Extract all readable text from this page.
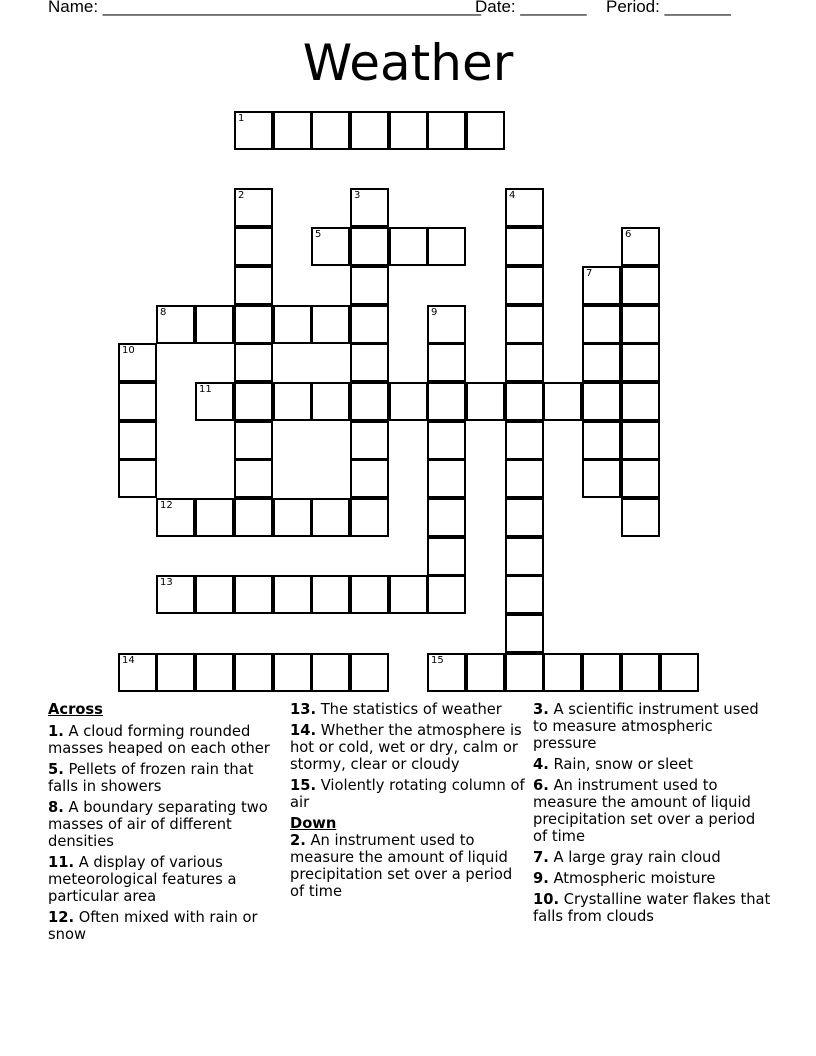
Name: ________________________________________
Date: _______ Period: _______
Weather
1
2	3	4
5	6
7
8	9
10
11
12
13
14	15
Across
1. A cloud forming rounded masses heaped on each other
5. Pellets of frozen rain that falls in showers
8. A boundary separating two masses of air of different densities
11. A display of various meteorological features a particular area
12. Often mixed with rain or snow
13. The statistics of weather
14. Whether the atmosphere is hot or cold, wet or dry, calm or stormy, clear or cloudy
15. Violently rotating column of air
Down
2. An instrument used to measure the amount of liquid precipitation set over a period of time
3. A scientific instrument used to measure atmospheric pressure
4. Rain, snow or sleet
6. An instrument used to measure the amount of liquid precipitation set over a period of time
7. A large gray rain cloud
9. Atmospheric moisture
10. Crystalline water flakes that falls from clouds
